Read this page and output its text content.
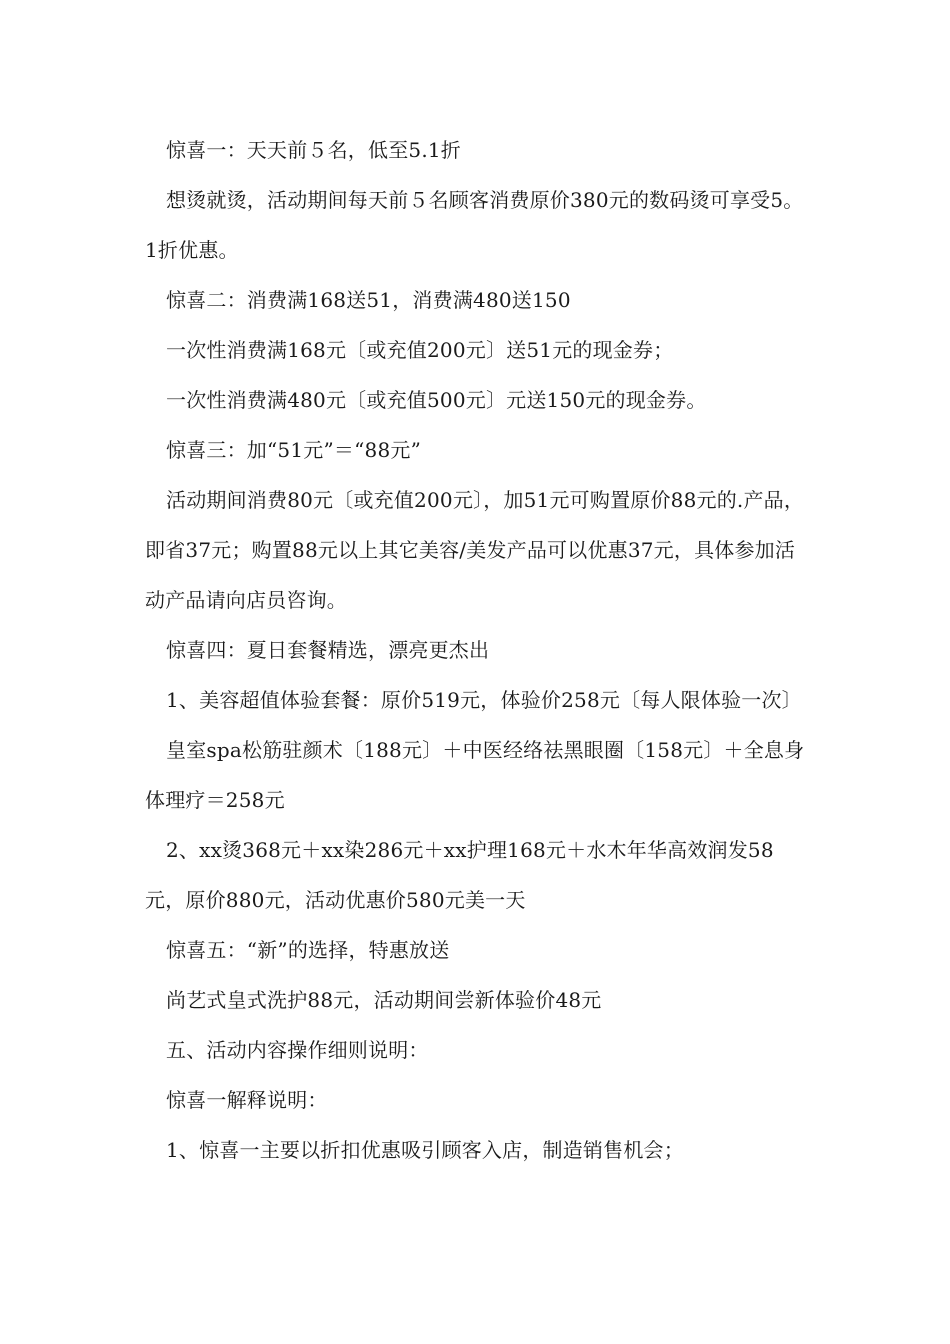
惊喜一：天天前５名，低至5.1折

想烫就烫，活动期间每天前５名顾客消费原价380元的数码烫可享受5。1折优惠。

惊喜二：消费满168送51，消费满480送150

一次性消费满168元〔或充值200元〕送51元的现金券；

一次性消费满480元〔或充值500元〕元送150元的现金券。

惊喜三：加“51元”＝“88元”

活动期间消费80元〔或充值200元〕，加51元可购置原价88元的.产品，即省37元；购置88元以上其它美容/美发产品可以优惠37元，具体参加活动产品请向店员咨询。

惊喜四：夏日套餐精选，漂亮更杰出

1、美容超值体验套餐：原价519元，体验价258元〔每人限体验一次〕

皇室spa松筋驻颜术〔188元〕＋中医经络祛黑眼圈〔158元〕＋全息身体理疗＝258元

2、xx烫368元＋xx染286元＋xx护理168元＋水木年华高效润发58元，原价880元，活动优惠价580元美一天

惊喜五：“新”的选择，特惠放送

尚艺式皇式洗护88元，活动期间尝新体验价48元

五、活动内容操作细则说明：

惊喜一解释说明：

1、惊喜一主要以折扣优惠吸引顾客入店，制造销售机会；
